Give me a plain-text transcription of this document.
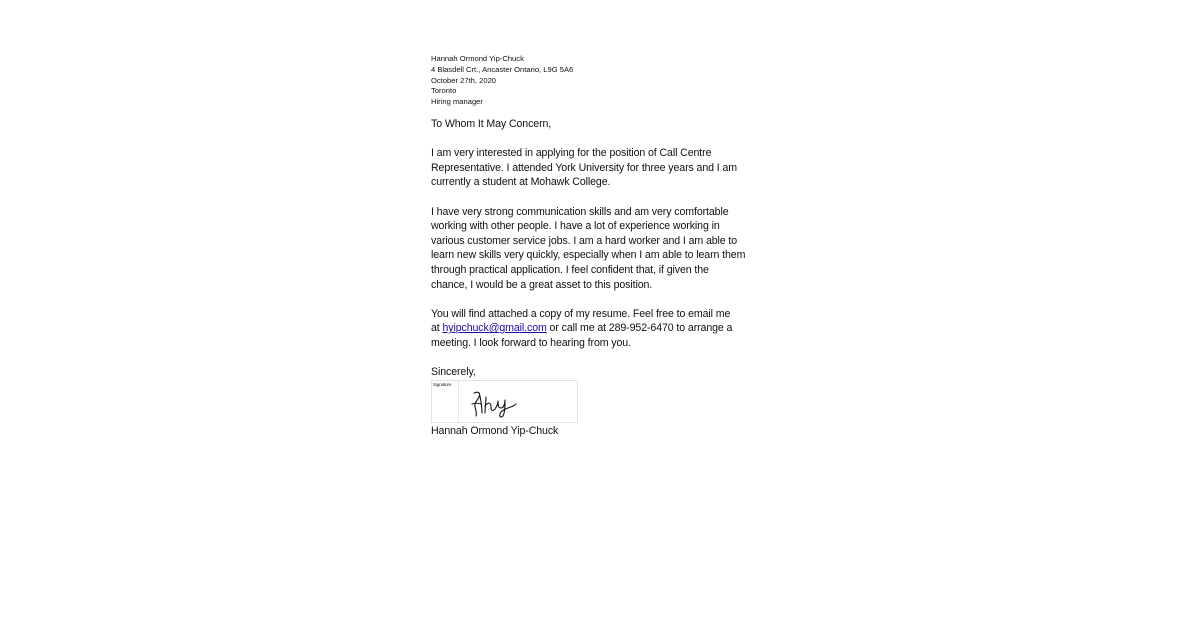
Hannah Ormond Yip-Chuck
4 Blasdell Crt., Ancaster Ontario, L9G 5A6
October 27th, 2020
Toronto
Hiring manager
To Whom It May Concern,
I am very interested in applying for the position of Call Centre
Representative. I attended York University for three years and I am
currently a student at Mohawk College.
I have very strong communication skills and am very comfortable
working with other people. I have a lot of experience working in
various customer service jobs. I am a hard worker and I am able to
learn new skills very quickly, especially when I am able to learn them
through practical application. I feel confident that, if given the
chance, I would be a great asset to this position.
You will find attached a copy of my resume. Feel free to email me
at hyipchuck@gmail.com or call me at 289-952-6470 to arrange a
meeting. I look forward to hearing from you.
Sincerely,
Signature
Hannah Ormond Yip-Chuck
